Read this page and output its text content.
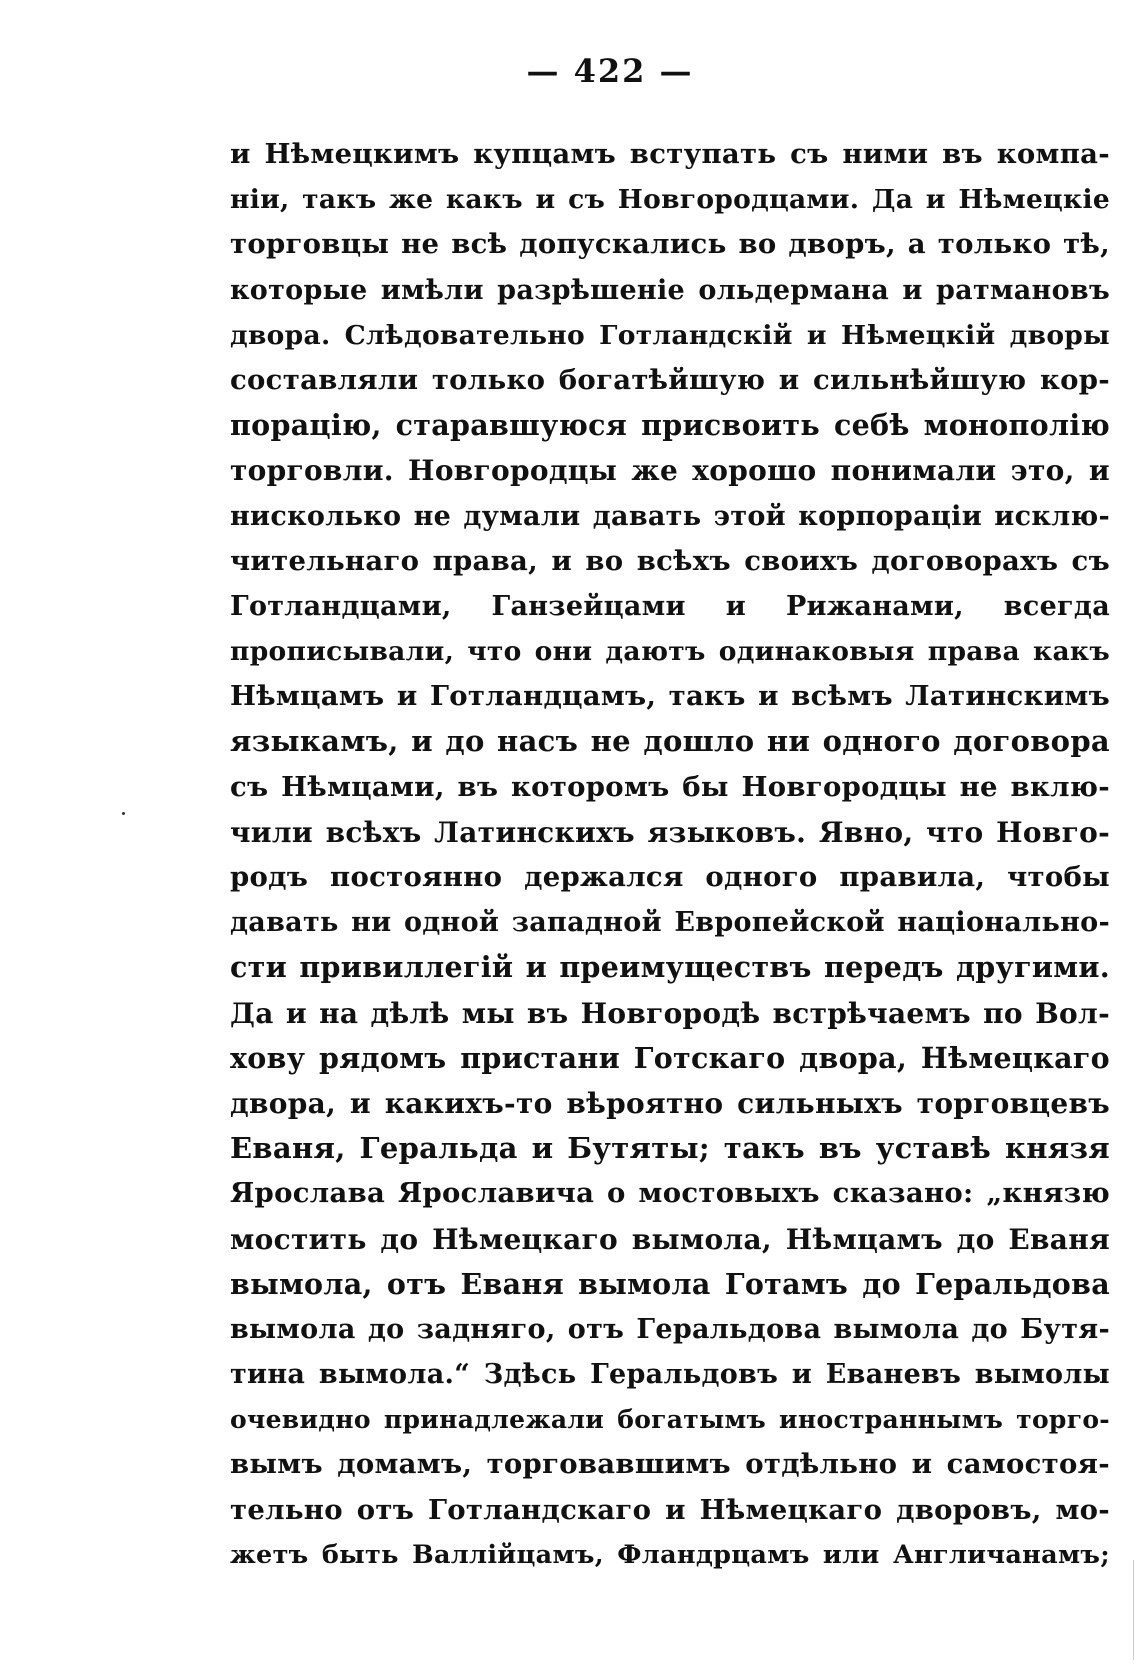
— 422 —
и Нѣмецкимъ купцамъ вступать съ ними въ компа-
ніи, такъ же какъ и съ Новгородцами. Да и Нѣмецкіе
торговцы не всѣ допускались во дворъ, а только тѣ,
которые имѣли разрѣшеніе ольдермана и ратмановъ
двора. Слѣдовательно Готландскій и Нѣмецкій дворы
составляли только богатѣйшую и сильнѣйшую кор-
порацію, старавшуюся присвоить себѣ монополію
торговли. Новгородцы же хорошо понимали это, и
нисколько не думали давать этой корпораціи исклю-
чительнаго права, и во всѣхъ своихъ договорахъ съ
Готландцами, Ганзейцами и Рижанами, всегда
прописывали, что они даютъ одинаковыя права какъ
Нѣмцамъ и Готландцамъ, такъ и всѣмъ Латинскимъ
языкамъ, и до насъ не дошло ни одного договора
съ Нѣмцами, въ которомъ бы Новгородцы не вклю-
чили всѣхъ Латинскихъ языковъ. Явно, что Новго-
родъ постоянно держался одного правила, чтобы
давать ни одной западной Европейской національно-
сти привиллегій и преимуществъ передъ другими.
Да и на дѣлѣ мы въ Новгородѣ встрѣчаемъ по Вол-
хову рядомъ пристани Готскаго двора, Нѣмецкаго
двора, и какихъ-то вѣроятно сильныхъ торговцевъ
Еваня, Геральда и Бутяты; такъ въ уставѣ князя
Ярослава Ярославича о мостовыхъ сказано: „князю
мостить до Нѣмецкаго вымола, Нѣмцамъ до Еваня
вымола, отъ Еваня вымола Готамъ до Геральдова
вымола до задняго, отъ Геральдова вымола до Бутя-
тина вымола.“ Здѣсь Геральдовъ и Еваневъ вымолы
очевидно принадлежали богатымъ иностраннымъ торго-
вымъ домамъ, торговавшимъ отдѣльно и самостоя-
тельно отъ Готландскаго и Нѣмецкаго дворовъ, мо-
жетъ быть Валлійцамъ, Фландрцамъ или Англичанамъ;
